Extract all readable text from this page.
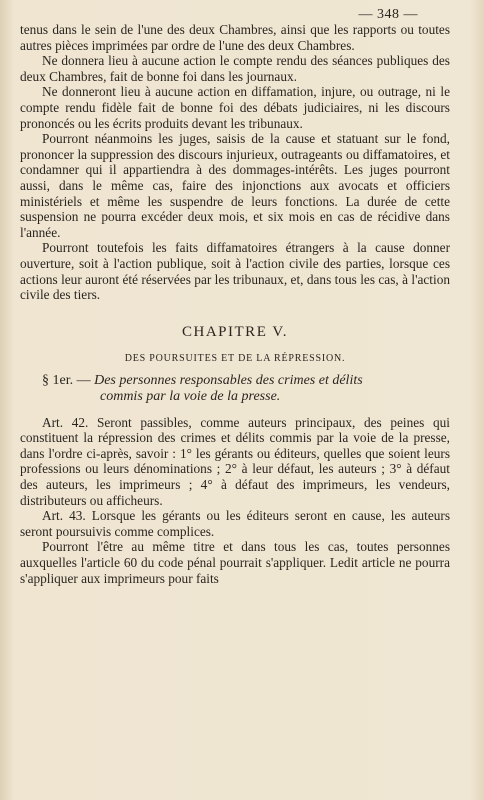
— 348 —

tenus dans le sein de l'une des deux Chambres, ainsi que les rapports ou toutes autres pièces imprimées par ordre de l'une des deux Chambres.

Ne donnera lieu à aucune action le compte rendu des séances publiques des deux Chambres, fait de bonne foi dans les journaux.

Ne donneront lieu à aucune action en diffamation, injure, ou outrage, ni le compte rendu fidèle fait de bonne foi des débats judiciaires, ni les discours prononcés ou les écrits produits devant les tribunaux.

Pourront néanmoins les juges, saisis de la cause et statuant sur le fond, prononcer la suppression des discours injurieux, outrageants ou diffamatoires, et condamner qui il appartiendra à des dommages-intérêts. Les juges pourront aussi, dans le même cas, faire des injonctions aux avocats et officiers ministériels et même les suspendre de leurs fonctions. La durée de cette suspension ne pourra excéder deux mois, et six mois en cas de récidive dans l'année.

Pourront toutefois les faits diffamatoires étrangers à la cause donner ouverture, soit à l'action publique, soit à l'action civile des parties, lorsque ces actions leur auront été réservées par les tribunaux, et, dans tous les cas, à l'action civile des tiers.

CHAPITRE V.
DES POURSUITES ET DE LA RÉPRESSION.
§ 1er. — Des personnes responsables des crimes et délits
commis par la voie de la presse.

Art. 42. Seront passibles, comme auteurs principaux, des peines qui constituent la répression des crimes et délits commis par la voie de la presse, dans l'ordre ci-après, savoir : 1° les gérants ou éditeurs, quelles que soient leurs professions ou leurs dénominations ; 2° à leur défaut, les auteurs ; 3° à défaut des auteurs, les imprimeurs ; 4° à défaut des imprimeurs, les vendeurs, distributeurs ou afficheurs.

Art. 43. Lorsque les gérants ou les éditeurs seront en cause, les auteurs seront poursuivis comme complices.

Pourront l'être au même titre et dans tous les cas, toutes personnes auxquelles l'article 60 du code pénal pourrait s'appliquer. Ledit article ne pourra s'appliquer aux imprimeurs pour faits
